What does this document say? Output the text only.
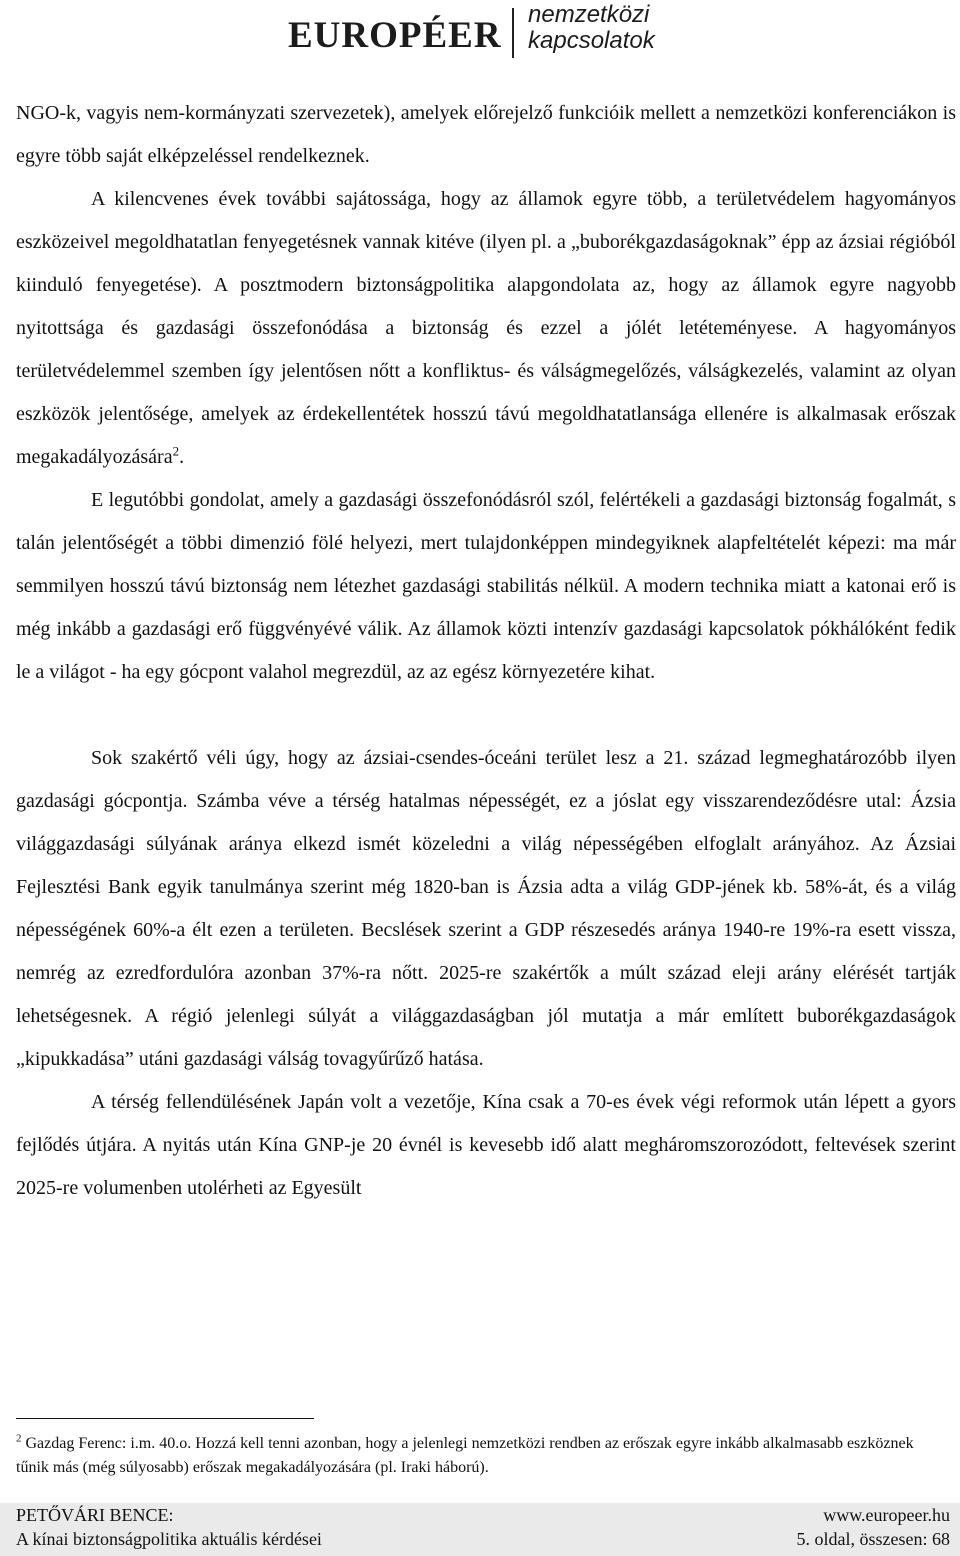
EUROPÉER
nemzetközi
kapcsolatok

NGO-k, vagyis nem-kormányzati szervezetek), amelyek előrejelző funkcióik mellett a nemzetközi konferenciákon is egyre több saját elképzeléssel rendelkeznek.

A kilencvenes évek további sajátossága, hogy az államok egyre több, a területvédelem hagyományos eszközeivel megoldhatatlan fenyegetésnek vannak kitéve (ilyen pl. a „buborékgazdaságoknak” épp az ázsiai régióból kiinduló fenyegetése). A posztmodern biztonságpolitika alapgondolata az, hogy az államok egyre nagyobb nyitottsága és gazdasági összefonódása a biztonság és ezzel a jólét letéteményese. A hagyományos területvédelemmel szemben így jelentősen nőtt a konfliktus- és válságmegelőzés, válságkezelés, valamint az olyan eszközök jelentősége, amelyek az érdekellentétek hosszú távú megoldhatatlansága ellenére is alkalmasak erőszak megakadályozására$^2$.

E legutóbbi gondolat, amely a gazdasági összefonódásról szól, felértékeli a gazdasági biztonság fogalmát, s talán jelentőségét a többi dimenzió fölé helyezi, mert tulajdonképpen mindegyiknek alapfeltételét képezi: ma már semmilyen hosszú távú biztonság nem létezhet gazdasági stabilitás nélkül. A modern technika miatt a katonai erő is még inkább a gazdasági erő függvényévé válik. Az államok közti intenzív gazdasági kapcsolatok pókhálóként fedik le a világot - ha egy gócpont valahol megrezdül, az az egész környezetére kihat.

Sok szakértő véli úgy, hogy az ázsiai-csendes-óceáni terület lesz a 21. század legmeghatározóbb ilyen gazdasági gócpontja. Számba véve a térség hatalmas népességét, ez a jóslat egy visszarendeződésre utal: Ázsia világgazdasági súlyának aránya elkezd ismét közeledni a világ népességében elfoglalt arányához. Az Ázsiai Fejlesztési Bank egyik tanulmánya szerint még 1820-ban is Ázsia adta a világ GDP-jének kb. 58%-át, és a világ népességének 60%-a élt ezen a területen. Becslések szerint a GDP részesedés aránya 1940-re 19%-ra esett vissza, nemrég az ezredfordulóra azonban 37%-ra nőtt. 2025-re szakértők a múlt század eleji arány elérését tartják lehetségesnek. A régió jelenlegi súlyát a világgazdaságban jól mutatja a már említett buborékgazdaságok „kipukkadása” utáni gazdasági válság tovagyűrűző hatása.

A térség fellendülésének Japán volt a vezetője, Kína csak a 70-es évek végi reformok után lépett a gyors fejlődés útjára. A nyitás után Kína GNP-je 20 évnél is kevesebb idő alatt megháromszorozódott, feltevések szerint 2025-re volumenben utolérheti az Egyesült

$^2$ Gazdag Ferenc: i.m. 40.o. Hozzá kell tenni azonban, hogy a jelenlegi nemzetközi rendben az erőszak egyre inkább alkalmasabb eszköznek tűnik más (még súlyosabb) erőszak megakadályozására (pl. Iraki háború).
PETŐVÁRI BENCE:
A kínai biztonságpolitika aktuális kérdései
www.europeer.hu
5. oldal, összesen: 68
